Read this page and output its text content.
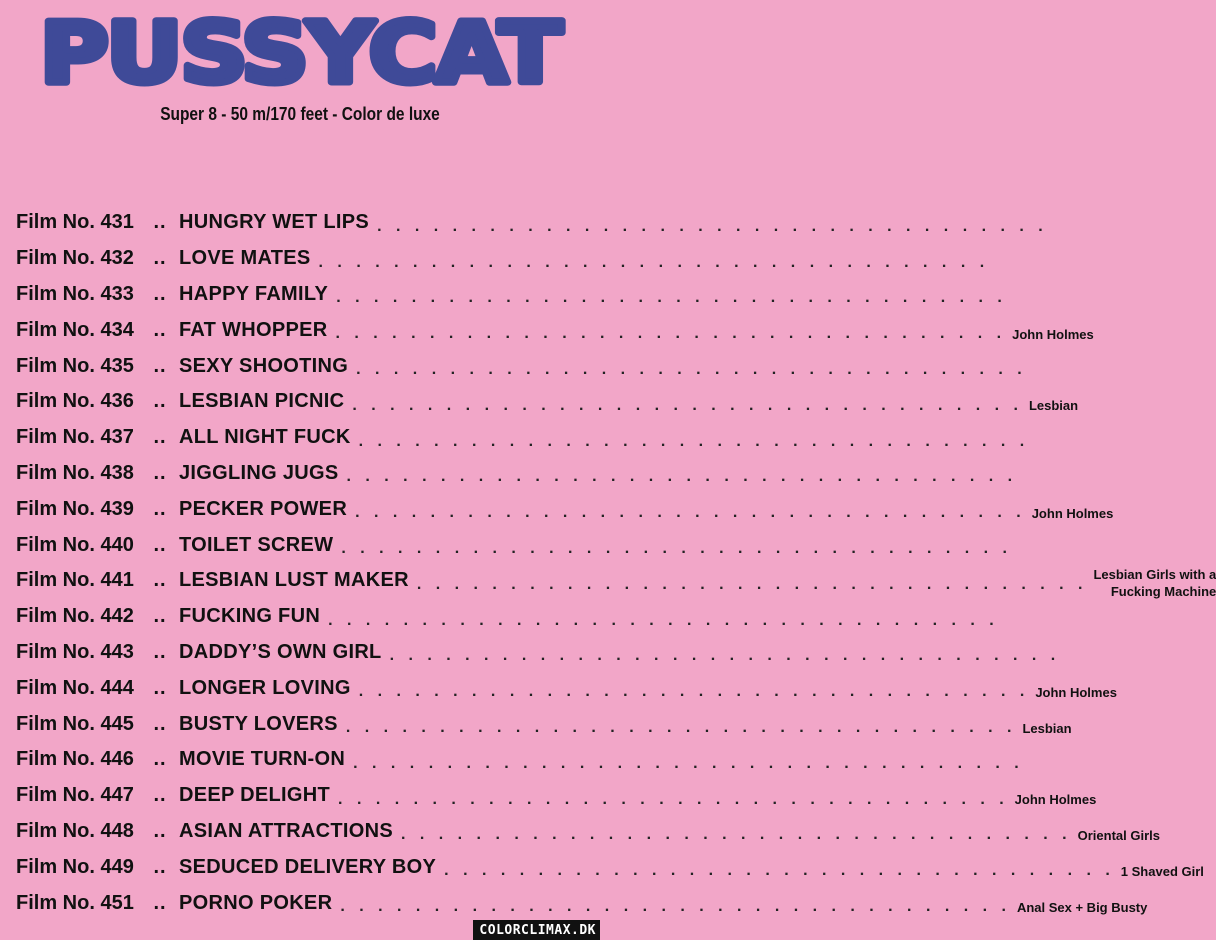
PUSSYCAT
Super 8 - 50 m/170 feet - Color de luxe
Film No. 431 .. HUNGRY WET LIPS . . . . . . . . . . . . . . . . . . . . . . . . . . . . . . . . . . . .
Film No. 432 .. LOVE MATES . . . . . . . . . . . . . . . . . . . . . . . . . . . . . . . . . . . .
Film No. 433 .. HAPPY FAMILY . . . . . . . . . . . . . . . . . . . . . . . . . . . . . . . . . . . .
Film No. 434 .. FAT WHOPPER . . . . . . . . . . . . . . . . . . . . . . . . . . . . . . . . . . . . John Holmes
Film No. 435 .. SEXY SHOOTING . . . . . . . . . . . . . . . . . . . . . . . . . . . . . . . . . . . .
Film No. 436 .. LESBIAN PICNIC . . . . . . . . . . . . . . . . . . . . . . . . . . . . . . . . . . . . Lesbian
Film No. 437 .. ALL NIGHT FUCK . . . . . . . . . . . . . . . . . . . . . . . . . . . . . . . . . . . .
Film No. 438 .. JIGGLING JUGS . . . . . . . . . . . . . . . . . . . . . . . . . . . . . . . . . . . .
Film No. 439 .. PECKER POWER . . . . . . . . . . . . . . . . . . . . . . . . . . . . . . . . . . . . John Holmes
Film No. 440 .. TOILET SCREW . . . . . . . . . . . . . . . . . . . . . . . . . . . . . . . . . . . .
Film No. 441 .. LESBIAN LUST MAKER . . . . . . . . . . . . . . . . . . . . . . . . . . . . . . . . . . . .
Lesbian Girls with a
Fucking Machine
Film No. 442 .. FUCKING FUN . . . . . . . . . . . . . . . . . . . . . . . . . . . . . . . . . . . .
Film No. 443 .. DADDY’S OWN GIRL . . . . . . . . . . . . . . . . . . . . . . . . . . . . . . . . . . . .
Film No. 444 .. LONGER LOVING . . . . . . . . . . . . . . . . . . . . . . . . . . . . . . . . . . . . John Holmes
Film No. 445 .. BUSTY LOVERS . . . . . . . . . . . . . . . . . . . . . . . . . . . . . . . . . . . . Lesbian
Film No. 446 .. MOVIE TURN-ON . . . . . . . . . . . . . . . . . . . . . . . . . . . . . . . . . . . .
Film No. 447 .. DEEP DELIGHT . . . . . . . . . . . . . . . . . . . . . . . . . . . . . . . . . . . . John Holmes
Film No. 448 .. ASIAN ATTRACTIONS . . . . . . . . . . . . . . . . . . . . . . . . . . . . . . . . . . . . Oriental Girls
Film No. 449 .. SEDUCED DELIVERY BOY . . . . . . . . . . . . . . . . . . . . . . . . . . . . . . . . . . . . 1 Shaved Girl
Film No. 451 .. PORNO POKER . . . . . . . . . . . . . . . . . . . . . . . . . . . . . . . . . . . . Anal Sex + Big Busty
COLORCLIMAX.DK
